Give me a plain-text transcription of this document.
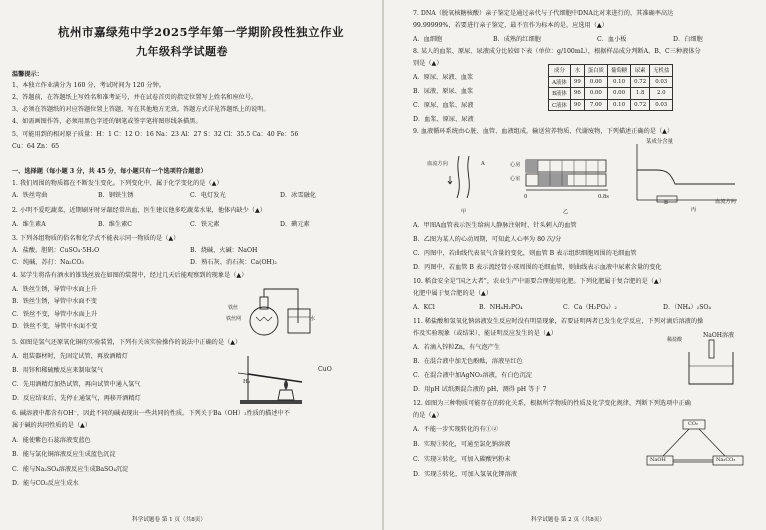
杭州市嘉绿苑中学2025学年第一学期阶段性独立作业
九年级科学试题卷
温馨提示：
1、本独立作业满分为 160 分，考试时间为 120 分钟。
2、答题前，在答题纸上写姓名和准考证号，并在试卷首页的指定位置写上姓名和座位号。
3、必须在答题纸的对应答题位置上答题，写在其他地方无效。答题方式详见答题纸上的说明。
4、如需画图作答，必须用黑色字迹的钢笔或签字笔将图形线条描黑。
5、可能用到的相对原子质量：H：1 C：12 O：16 Na：23 Al：27 S：32 Cl：35.5 Ca：40 Fe：56
Cu：64 Zn：65
一、选择题（每小题 3 分，共 45 分，每小题只有一个选项符合题意）
1. 我们周围的物质都在不断发生变化。下列变化中，属于化学变化的是（▲）
A．铁丝弯曲	B．钢铁生锈	C．电灯发光	D．冰雪融化
2. 小明不爱吃蔬菜，近期刷牙时牙龈经常出血，医生建议他多吃蔬菜水果，他体内缺少（▲）
A．维生素A	B．维生素C	C．铁元素	D．碘元素
3. 下列各组物质的俗名和化学式不能表示同一物质的是（▲）
A．盐酸、胆矾：CuSO₄·5H₂O	B．烧碱、火碱：NaOH
C．纯碱、苏打：Na₂CO₃	D．熟石灰、消石灰：Ca(OH)₂
4. 某学生将浩有酒水的锥钱丝放在如图的装置中，经过几天后能观察到的现象是（▲）
A．铁丝生锈，导管中水面上升
B．铁丝生锈，导管中水面不变
C．铁丝不变，导管中水面上升
D．铁丝不变，导管中水面不变
铁丝
铁丝网	水
5. 如图是氢气还原氧化铜的实验装置，下列有关该实验操作的说法中正确的是（▲）
A．组装器材时，先固定试管，再放酒精灯
B．用锌和稀硫酸反应来制取氢气
C．先用酒精灯加热试管，再向试管中通入氢气
D．反应结束后，先停止通氢气，再移开酒精灯
H₂
CuO
6. 碱溶液中都含有OH⁻，因此不同的碱表现出一些共同的性质。下列关于Ba（OH）₂性质的描述中不
属于碱的共同性质的是（▲）
A．能使紫色石蕊溶液变蓝色
B．能与氯化铜溶液反应生成蓝色沉淀
C．能与Na₂SO₄溶液反应生成BaSO₄沉淀
D．能与CO₂反应生成水
科学试题卷 第 1 页（共8页）
7. DNA（脱氧核糖核酸）亲子鉴定是通过亲代与子代细胞中DNA比对来进行的，其准确率高达
99.99999%，若要进行亲子鉴定，最不宜作为标本的是，应选用（▲）
A．血细胞	B．成熟的红细胞	C．血小板	D．白细胞
8. 某人的血浆、原尿、尿液成分比较如下表（单位：g/100mL），根据样品成分判断A、B、C三种液体分
别是（▲）
A．原尿、尿液、血浆
B．尿液、原尿、血浆
C．原尿、血浆、尿液
D．血浆、原尿、尿液
成分	水	蛋白质	葡萄糖	尿素	无机盐
A液体	99	0.00	0.10	0.72	0.03
B液体	96	0.00	0.00	1.8	2.0
C液体	90	7.00	0.10	0.72	0.03
9. 血液循环系统由心脏、血管、血液组成，输送营养物质、代谢废物，下列描述正确的是（▲）
血流方向	A
甲
心房
心室
0	0.8s
乙
某成分含量
B
丙
血流方向
A．甲图A血管表示医生给病人静脉注射时，针头刺入的血管
B．乙图为某人的心动周期，可知此人心率为 80 次/分
C．丙图中，若曲线代表氧气含量的变化，则血管 B 表示组织细胞周围的毛细血管
D．丙图中，若血管 B 表示流经肾小球周围的毛细血管，则曲线表示血液中尿素含量的变化
10. 稻食安全是“国之大者”，农业生产中需要合理使用化肥。下列化肥属于复合肥的是（▲）
化肥中属于复合肥的是（▲）
A．KCl	B．NH₄H₂PO₄	C．Ca（H₂PO₄）₂	D．（NH₄）₂SO₄
11. 稀盐酸和氢氧化钠溶液发生反应时没有明显现象，若要证明两者已发生化学反应，下列对滴后溶液的操
作及实验现象（或结果），能证明反应发生的是（▲）
A．若滴入锌粒Zn，有气泡产生
B．在混合液中加无色酚酞，溶液呈红色
C．在混合液中加AgNO₃溶液，有白色沉淀
D．用pH 试纸测混合液的 pH，测得 pH 等于 7
稀盐酸
NaOH溶液
12. 如图为三种物质可能存在的转化关系，根据所学物质的性质及化学变化规律，判断下列选项中正确
的是（▲）
A．不能一步实现转化的有①②
B．实现①转化，可通至氯化钠溶液
C．实现②转化，可加入碳酸钙粉末
D．实现⑤转化，可加入氢氧化钾溶液
CO₂
NaOH	Na₂CO₃
科学试题卷 第 2 页（共8页）
